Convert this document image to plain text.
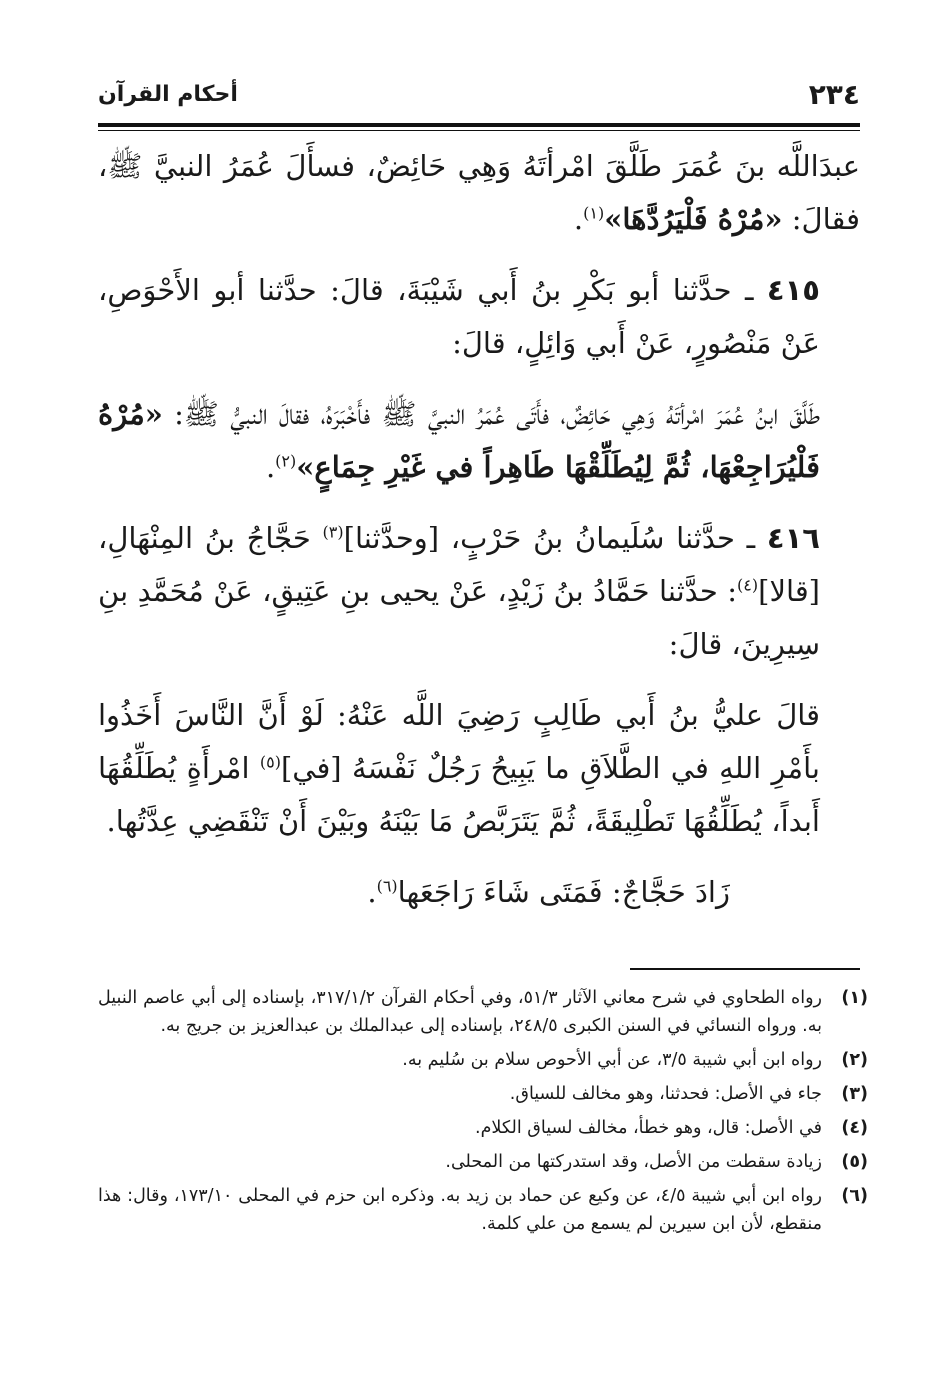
٢٣٤
أحكام القرآن

عبدَاللَّه بنَ عُمَرَ طَلَّقَ امْرأتَهُ وَهِي حَائِضٌ، فسأَلَ عُمَرُ النبيَّ ﷺ، فقالَ: «مُرْهُ فَلْيَرُدَّهَا»$^{(١)}$.

٤١٥ ـ حدَّثنا أبو بَكْرِ بنُ أَبي شَيْبَةَ، قالَ: حدَّثنا أبو الأَحْوَصِ، عَنْ مَنْصُورٍ، عَنْ أَبي وَائِلٍ، قالَ:

طَلَّقَ ابنُ عُمَرَ امْرأتَهُ وَهِي حَائِضٌ، فأَتَى عُمَرُ النبيَّ ﷺ فأَخْبَرَهُ، فقالَ النبيُّ ﷺ: «مُرْهُ فَلْيُرَاجِعْهَا، ثُمَّ لِيُطَلِّقْهَا طَاهِراً في غَيْرِ جِمَاعٍ»$^{(٢)}$.

٤١٦ ـ حدَّثنا سُلَيمانُ بنُ حَرْبٍ، [وحدَّثنا]$^{(٣)}$ حَجَّاجُ بنُ المِنْهَالِ، [قالا]$^{(٤)}$: حدَّثنا حَمَّادُ بنُ زَيْدٍ، عَنْ يحيى بنِ عَتِيقٍ، عَنْ مُحَمَّدِ بنِ سِيرِينَ، قالَ:

قالَ عليُّ بنُ أَبي طَالِبٍ رَضِيَ اللَّه عَنْهُ: لَوْ أَنَّ النَّاسَ أَخَذُوا بأَمْرِ اللهِ في الطَّلاَقِ ما يَبِيحُ رَجُلٌ نَفْسَهُ [في]$^{(٥)}$ امْرأَةٍ يُطَلِّقُهَا أَبداً، يُطَلِّقُهَا تَطْلِيقَةً، ثُمَّ يَتَرَبَّصُ مَا بَيْنَهُ وبَيْنَ أَنْ تَنْقَضِي عِدَّتُها.

زَادَ حَجَّاجٌ: فَمَتَى شَاءَ رَاجَعَها$^{(٦)}$.

(١)
رواه الطحاوي في شرح معاني الآثار ٥١/٣، وفي أحكام القرآن ٣١٧/١/٢، بإسناده إلى أبي عاصم النبيل به. ورواه النسائي في السنن الكبرى ٢٤٨/٥، بإسناده إلى عبدالملك بن عبدالعزيز بن جريج به.
(٢)
رواه ابن أبي شيبة ٣/٥، عن أبي الأحوص سلام بن سُليم به.
(٣)
جاء في الأصل: فحدثنا، وهو مخالف للسياق.
(٤)
في الأصل: قال، وهو خطأ، مخالف لسياق الكلام.
(٥)
زيادة سقطت من الأصل، وقد استدركتها من المحلى.
(٦)
رواه ابن أبي شيبة ٤/٥، عن وكيع عن حماد بن زيد به. وذكره ابن حزم في المحلى ١٧٣/١٠، وقال: هذا منقطع، لأن ابن سيرين لم يسمع من علي كلمة.
